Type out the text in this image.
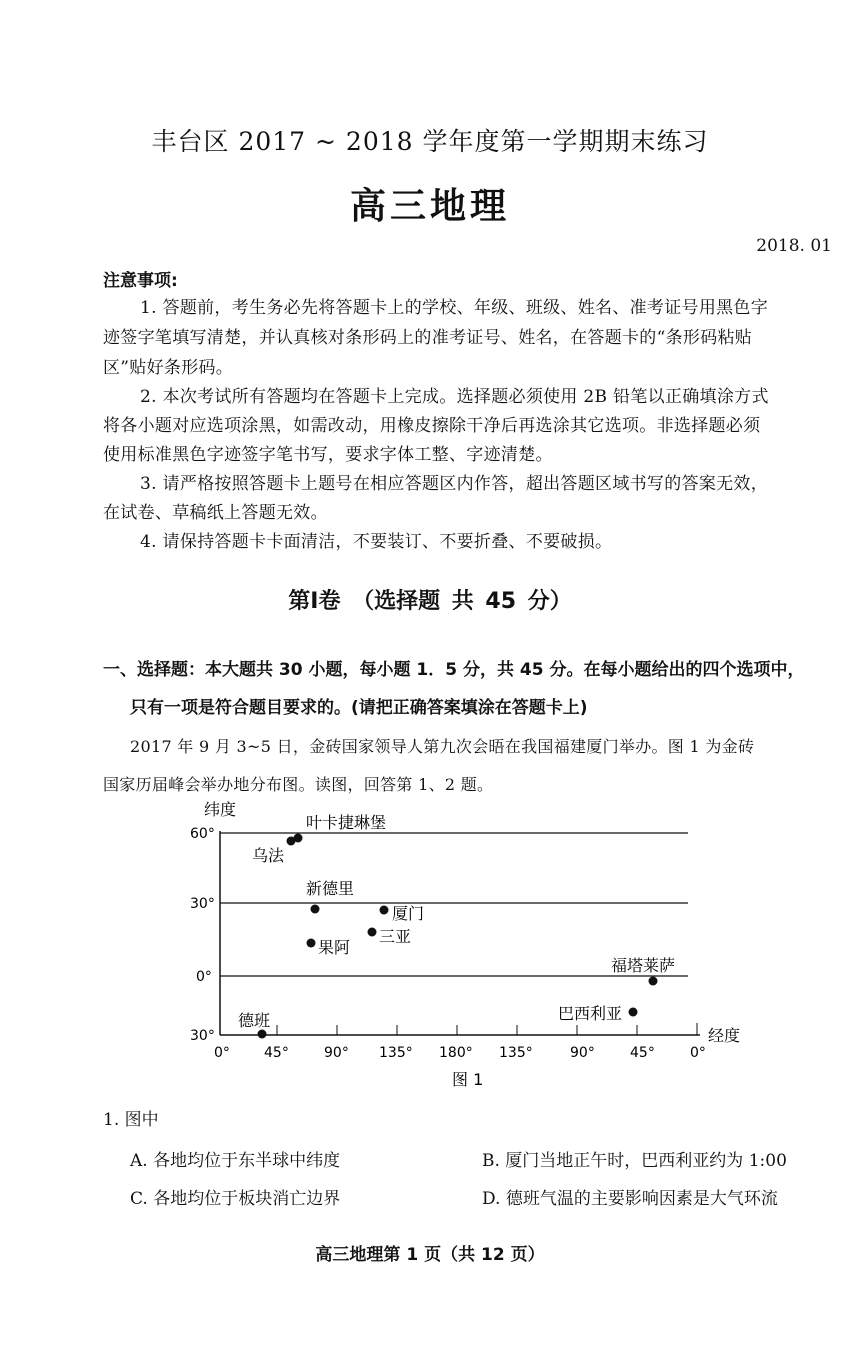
丰台区 2017 ~ 2018 学年度第一学期期末练习
高三地理
2018. 01
注意事项:
1. 答题前，考生务必先将答题卡上的学校、年级、班级、姓名、准考证号用黑色字
迹签字笔填写清楚，并认真核对条形码上的准考证号、姓名，在答题卡的“条形码粘贴
区”贴好条形码。
2. 本次考试所有答题均在答题卡上完成。选择题必须使用 2B 铅笔以正确填涂方式
将各小题对应选项涂黑，如需改动，用橡皮擦除干净后再选涂其它选项。非选择题必须
使用标准黑色字迹签字笔书写，要求字体工整、字迹清楚。
3. 请严格按照答题卡上题号在相应答题区内作答，超出答题区域书写的答案无效，
在试卷、草稿纸上答题无效。
4. 请保持答题卡卡面清洁，不要装订、不要折叠、不要破损。
第Ⅰ卷 （选择题 共 45 分）
一、选择题：本大题共 30 小题，每小题 1．5 分，共 45 分。在每小题给出的四个选项中，
只有一项是符合题目要求的。(请把正确答案填涂在答题卡上)
2017 年 9 月 3~5 日，金砖国家领导人第九次会晤在我国福建厦门举办。图 1 为金砖
国家历届峰会举办地分布图。读图，回答第 1、2 题。
纬度
60°
30°
0°
30°
0° 45°	90° 135° 180° 135°	90°	45°	0°
经度
叶卡捷琳堡
乌法
新德里
厦门
三亚
果阿
福塔莱萨
巴西利亚
德班
图 1
1. 图中
A. 各地均位于东半球中纬度	B. 厦门当地正午时，巴西利亚约为 1:00
C. 各地均位于板块消亡边界	D. 德班气温的主要影响因素是大气环流
高三地理第 1 页（共 12 页）
